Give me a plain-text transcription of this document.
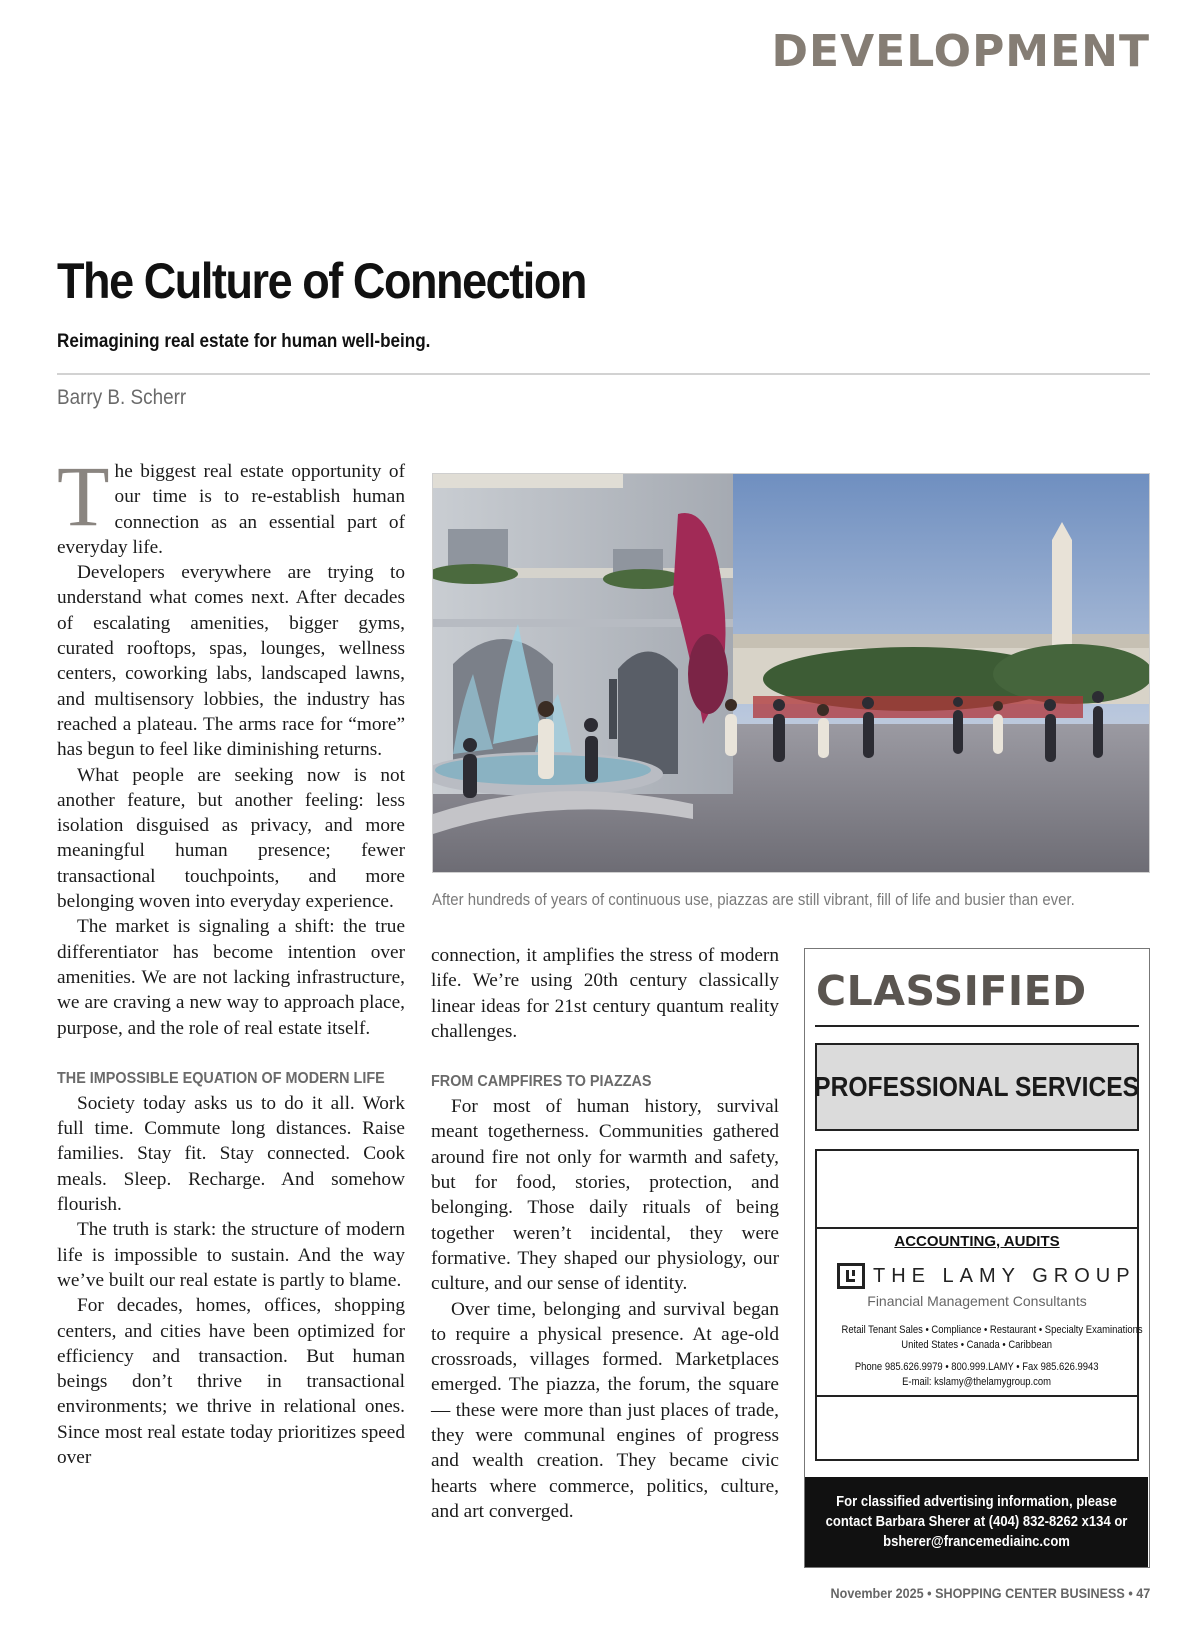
DEVELOPMENT
The Culture of Connection
Reimagining real estate for human well-being.
Barry B. Scherr

The biggest real estate opportunity of our time is to re-establish human connection as an essential part of everyday life.

Developers everywhere are trying to understand what comes next. After decades of escalating amenities, bigger gyms, curated rooftops, spas, lounges, wellness centers, coworking labs, landscaped lawns, and multisensory lobbies, the industry has reached a plateau. The arms race for “more” has begun to feel like diminishing returns.

What people are seeking now is not another feature, but another feeling: less isolation disguised as privacy, and more meaningful human presence; fewer transactional touchpoints, and more belonging woven into everyday experience.

The market is signaling a shift: the true differentiator has become intention over amenities. We are not lacking infrastructure, we are craving a new way to approach place, purpose, and the role of real estate itself.

THE IMPOSSIBLE EQUATION OF MODERN LIFE

Society today asks us to do it all. Work full time. Commute long distances. Raise families. Stay fit. Stay connected. Cook meals. Sleep. Recharge. And somehow flourish.

The truth is stark: the structure of modern life is impossible to sustain. And the way we’ve built our real estate is partly to blame.

For decades, homes, offices, shopping centers, and cities have been optimized for efficiency and transaction. But human beings don’t thrive in transactional environments; we thrive in relational ones. Since most real estate today prioritizes speed over

After hundreds of years of continuous use, piazzas are still vibrant, fill of life and busier than ever.

connection, it amplifies the stress of modern life. We’re using 20th century classically linear ideas for 21st century quantum reality challenges.

FROM CAMPFIRES TO PIAZZAS

For most of human history, survival meant togetherness. Communities gathered around fire not only for warmth and safety, but for food, stories, protection, and belonging. Those daily rituals of being together weren’t incidental, they were formative. They shaped our physiology, our culture, and our sense of identity.

Over time, belonging and survival began to require a physical presence. At age-old crossroads, villages formed. Marketplaces emerged. The piazza, the forum, the square — these were more than just places of trade, they were communal engines of progress and wealth creation. They became civic hearts where commerce, politics, culture, and art converged.

CLASSIFIED
PROFESSIONAL SERVICES
ACCOUNTING, AUDITS
THE LAMY GROUP
Financial Management Consultants
Retail Tenant Sales • Compliance • Restaurant • Specialty Examinations
United States • Canada • Caribbean
Phone 985.626.9979 • 800.999.LAMY • Fax 985.626.9943
E-mail: kslamy@thelamygroup.com
For classified advertising information, please contact Barbara Sherer at (404) 832-8262 x134 or bsherer@francemediainc.com
November 2025 • SHOPPING CENTER BUSINESS • 47
